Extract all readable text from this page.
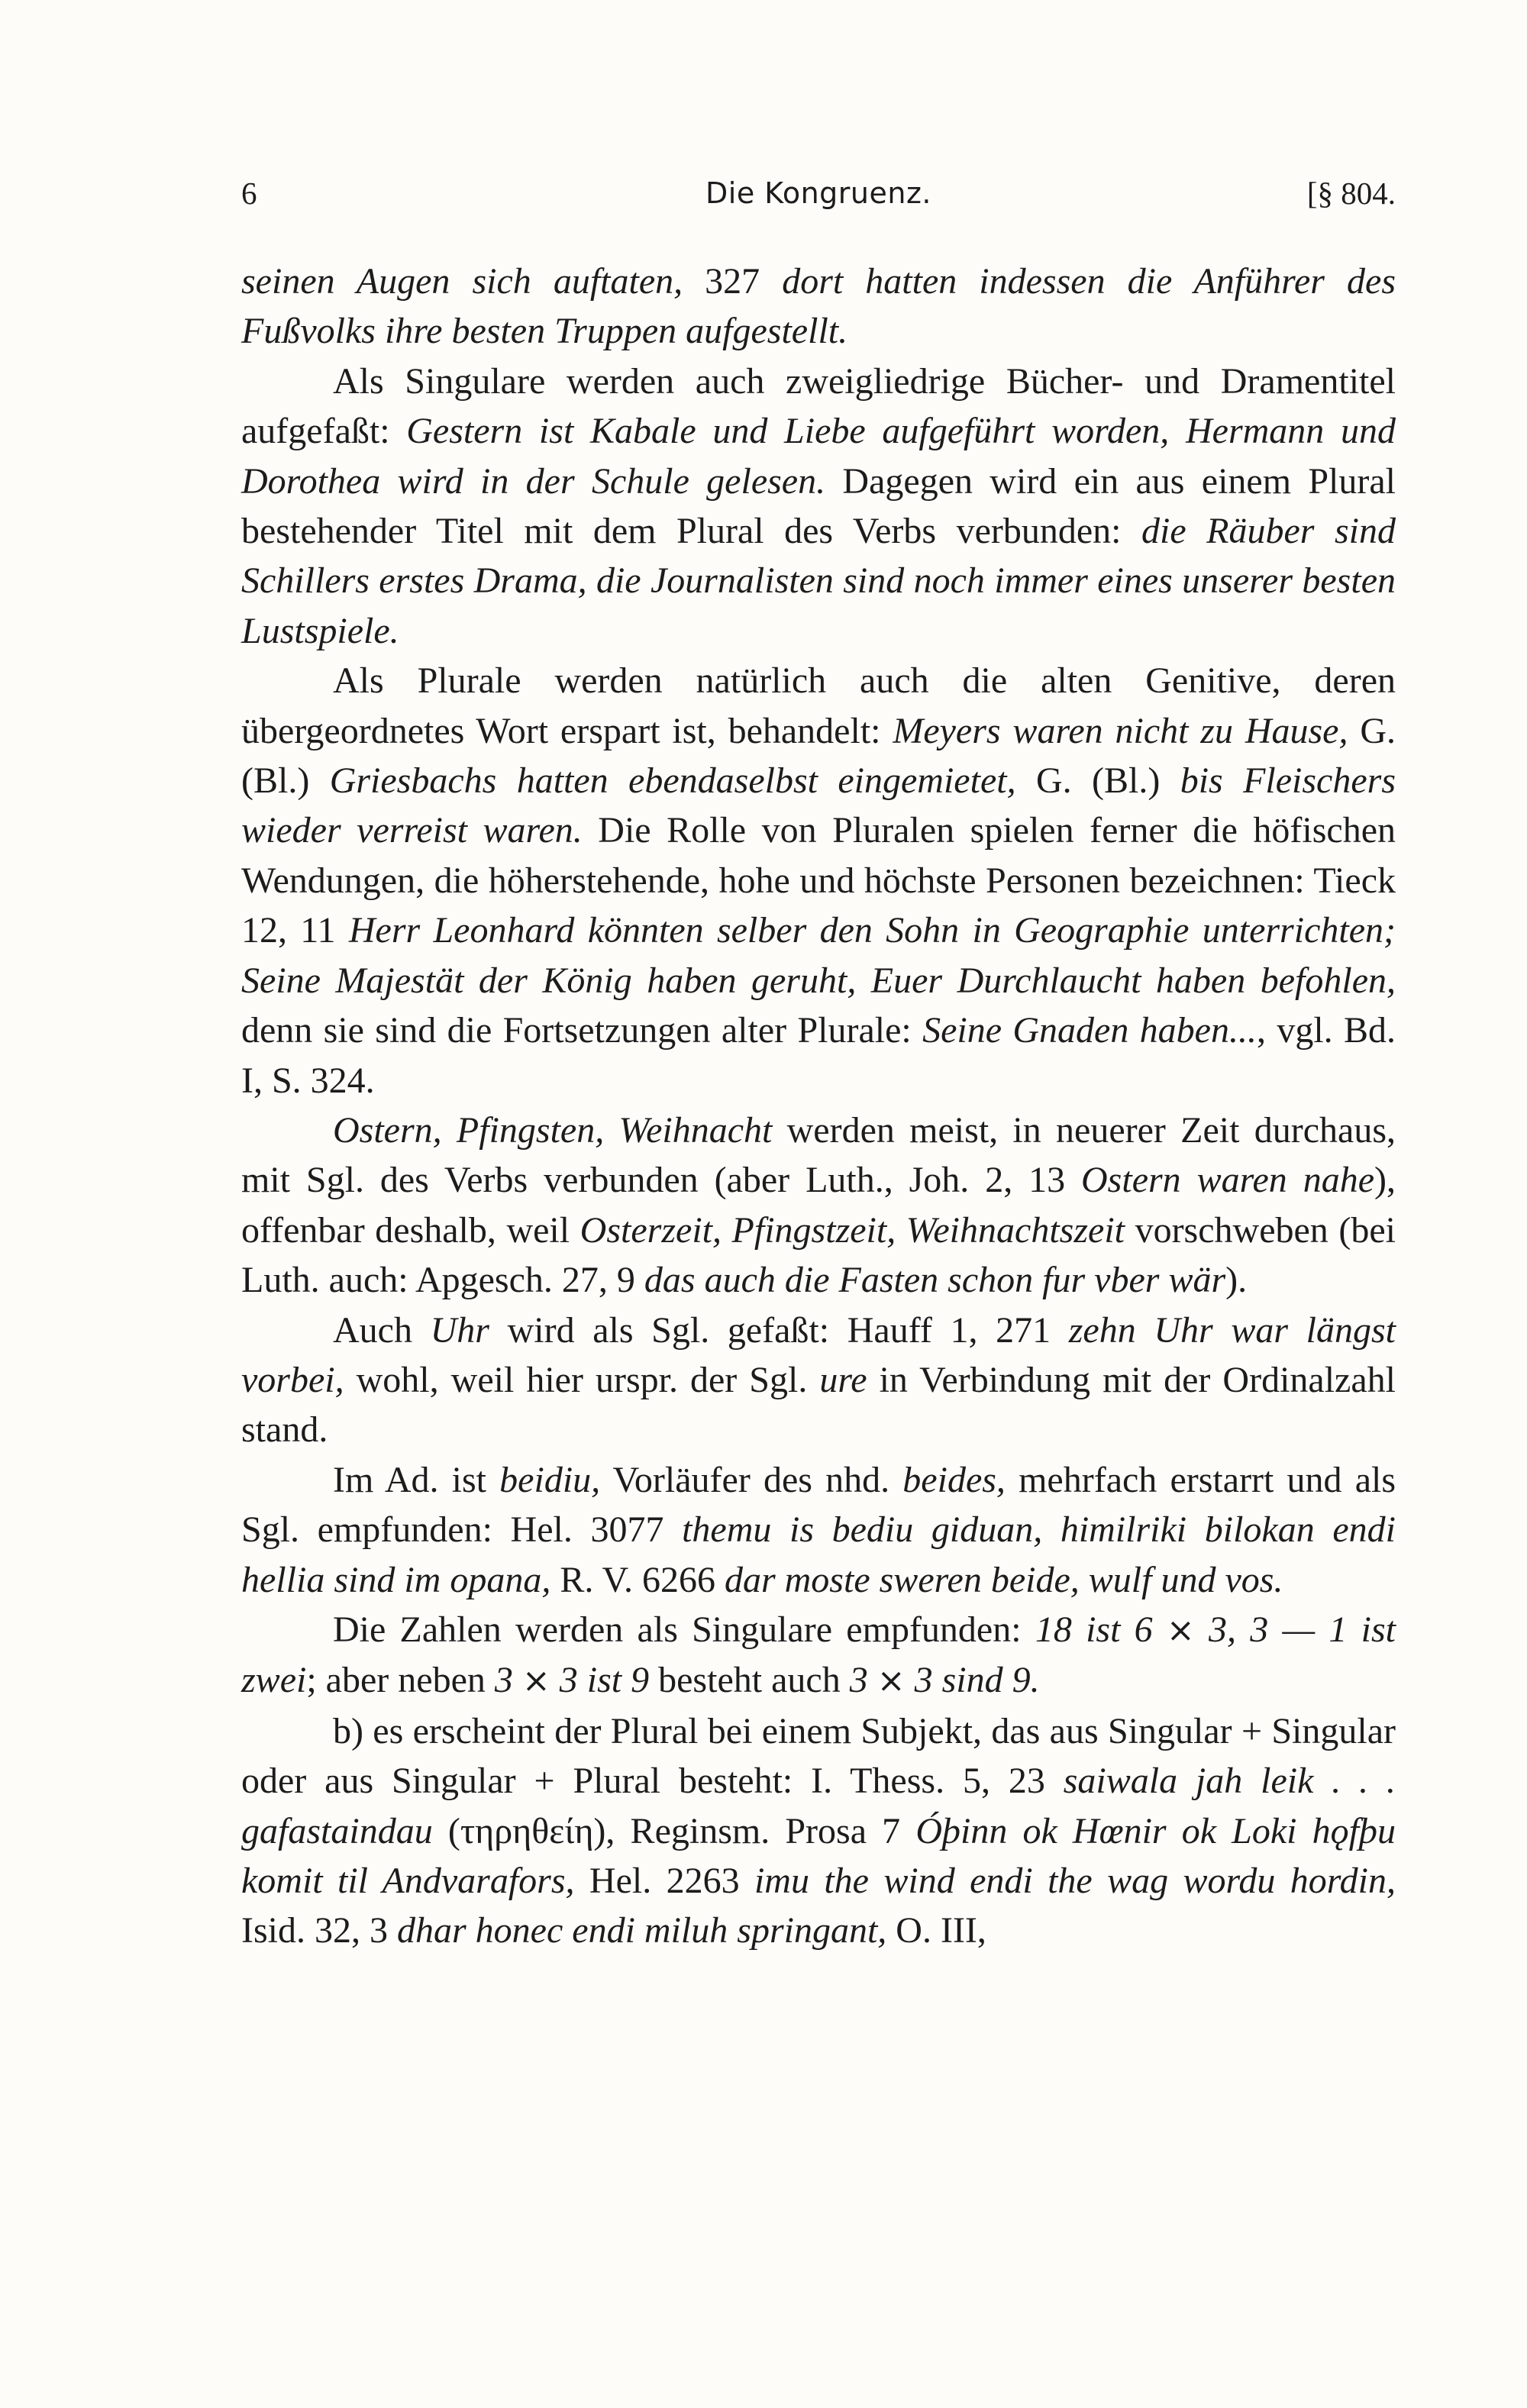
6	Die Kongruenz.	[§ 804.

seinen Augen sich auftaten, 327 dort hatten indessen die Anführer des Fußvolks ihre besten Truppen aufgestellt.

Als Singulare werden auch zweigliedrige Bücher- und Dramentitel aufgefaßt: Gestern ist Kabale und Liebe aufgeführt worden, Hermann und Dorothea wird in der Schule gelesen. Dagegen wird ein aus einem Plural bestehender Titel mit dem Plural des Verbs verbunden: die Räuber sind Schillers erstes Drama, die Journalisten sind noch immer eines unserer besten Lustspiele.

Als Plurale werden natürlich auch die alten Genitive, deren übergeordnetes Wort erspart ist, behandelt: Meyers waren nicht zu Hause, G. (Bl.) Griesbachs hatten ebendaselbst eingemietet, G. (Bl.) bis Fleischers wieder verreist waren. Die Rolle von Pluralen spielen ferner die höfischen Wendungen, die höherstehende, hohe und höchste Personen bezeichnen: Tieck 12, 11 Herr Leonhard könnten selber den Sohn in Geographie unterrichten; Seine Majestät der König haben geruht, Euer Durchlaucht haben befohlen, denn sie sind die Fortsetzungen alter Plurale: Seine Gnaden haben..., vgl. Bd. I, S. 324.

Ostern, Pfingsten, Weihnacht werden meist, in neuerer Zeit durchaus, mit Sgl. des Verbs verbunden (aber Luth., Joh. 2, 13 Ostern waren nahe), offenbar deshalb, weil Osterzeit, Pfingstzeit, Weihnachtszeit vorschweben (bei Luth. auch: Apgesch. 27, 9 das auch die Fasten schon fur vber wär).

Auch Uhr wird als Sgl. gefaßt: Hauff 1, 271 zehn Uhr war längst vorbei, wohl, weil hier urspr. der Sgl. ure in Verbindung mit der Ordinalzahl stand.

Im Ad. ist beidiu, Vorläufer des nhd. beides, mehrfach erstarrt und als Sgl. empfunden: Hel. 3077 themu is bediu giduan, himilriki bilokan endi hellia sind im opana, R. V. 6266 dar moste sweren beide, wulf und vos.

Die Zahlen werden als Singulare empfunden: 18 ist 6 × 3, 3 — 1 ist zwei; aber neben 3 × 3 ist 9 besteht auch 3 × 3 sind 9.

b) es erscheint der Plural bei einem Subjekt, das aus Singular + Singular oder aus Singular + Plural besteht: I. Thess. 5, 23 saiwala jah leik . . . gafastaindau (τηρηθείη), Reginsm. Prosa 7 Óþinn ok Hœnir ok Loki hǫfþu komit til Andvarafors, Hel. 2263 imu the wind endi the wag wordu hordin, Isid. 32, 3 dhar honec endi miluh springant, O. III,
